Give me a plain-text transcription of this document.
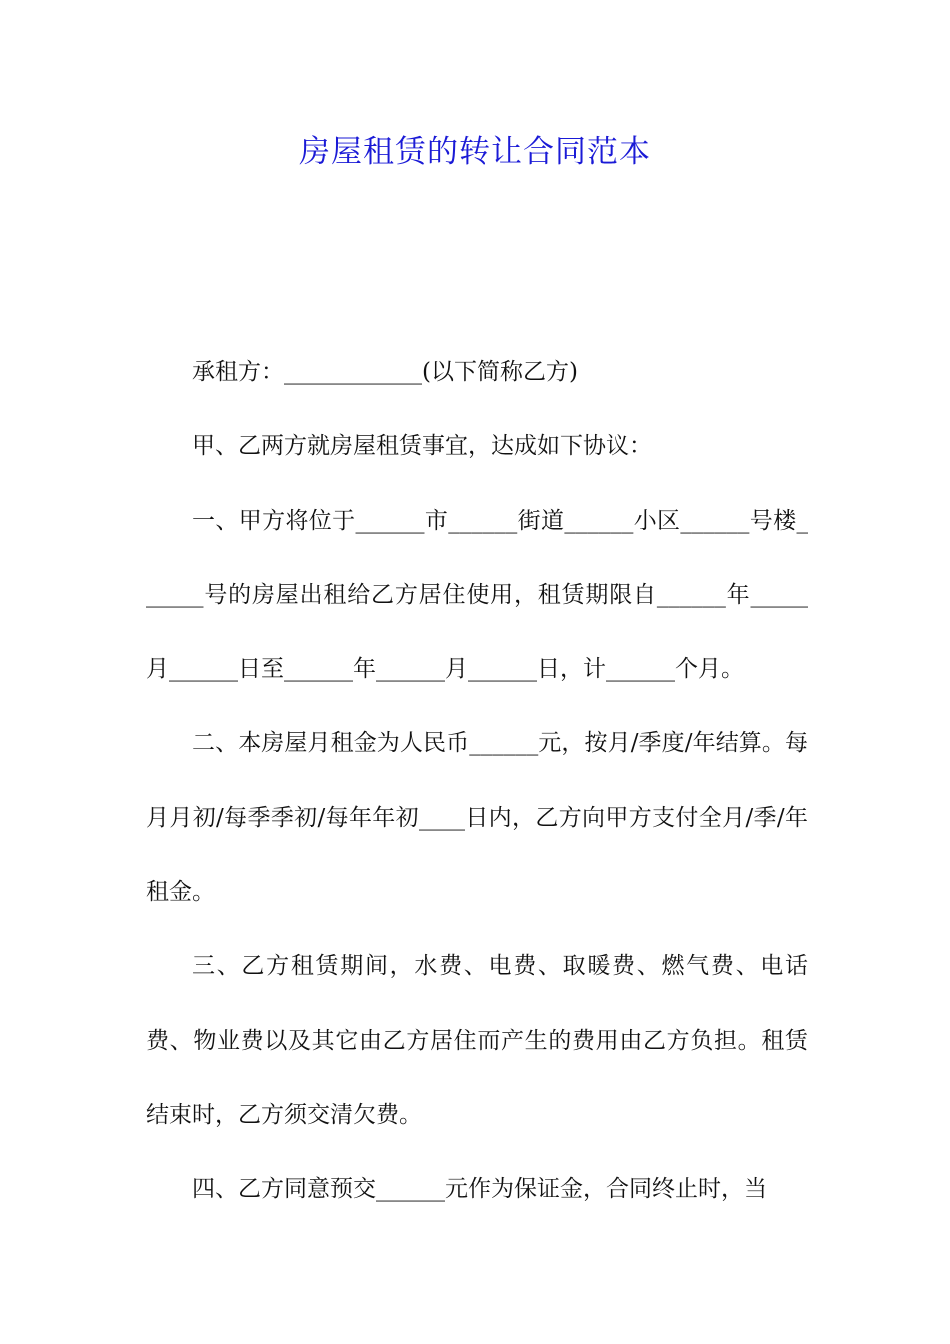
房屋租赁的转让合同范本

承租方：____________(以下简称乙方)

甲、乙两方就房屋租赁事宜，达成如下协议：

一、甲方将位于______市______街道______小区______号楼______号的房屋出租给乙方居住使用，租赁期限自______年_____月______日至______年______月______日，计______个月。

二、本房屋月租金为人民币______元，按月/季度/年结算。每月月初/每季季初/每年年初____日内，乙方向甲方支付全月/季/年租金。

三、乙方租赁期间，水费、电费、取暖费、燃气费、电话费、物业费以及其它由乙方居住而产生的费用由乙方负担。租赁结束时，乙方须交清欠费。

四、乙方同意预交______元作为保证金，合同终止时，当
